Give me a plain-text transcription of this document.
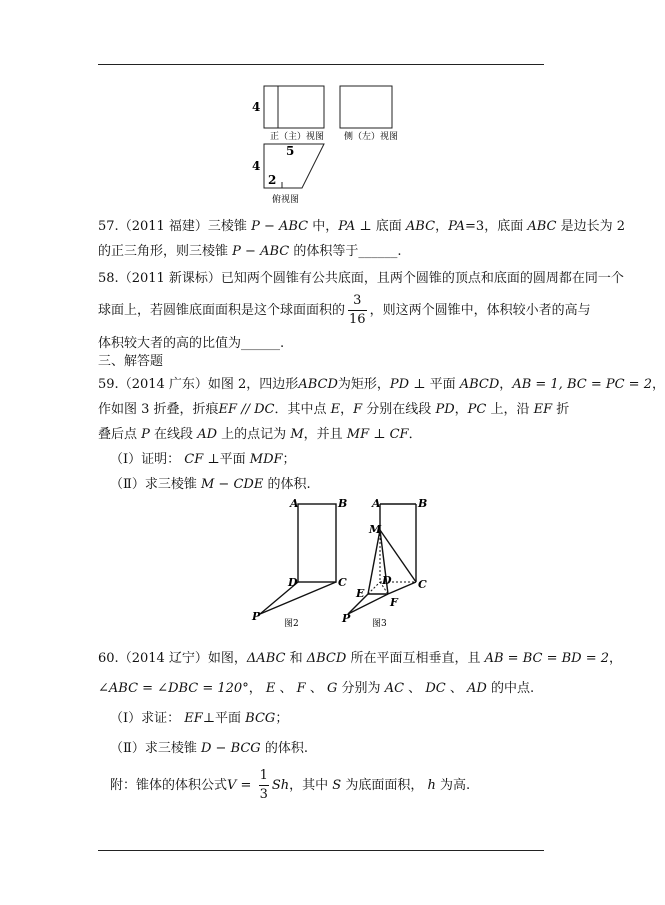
4
正（主）视图 侧（左）视图
5
4
2
俯视图
57.（2011 福建）三棱锥 P − ABC 中，PA ⊥ 底面 ABC，PA=3，底面 ABC 是边长为 2
的正三角形，则三棱锥 P − ABC 的体积等于______.
58.（2011 新课标）已知两个圆锥有公共底面，且两个圆锥的顶点和底面的圆周都在同一个
球面上，若圆锥底面面积是这个球面面积的 $\frac{3}{16}$ ，则这两个圆锥中，体积较小者的高与
体积较大者的高的比值为______.
三、解答题
59.（2014 广东）如图 2，四边形ABCD为矩形，PD ⊥ 平面 ABCD，AB = 1, BC = PC = 2，
作如图 3 折叠，折痕EF // DC．其中点 E，F 分别在线段 PD，PC 上，沿 EF 折
叠后点 P 在线段 AD 上的点记为 M，并且 MF ⊥ CF．
（Ⅰ）证明： CF ⊥平面 MDF；
（Ⅱ）求三棱锥 M − CDE 的体积.
A	B
D	C
P
图2
A	B
M
D C
E
F
P 图3
60.（2014 辽宁）如图，ΔABC 和 ΔBCD 所在平面互相垂直，且 AB = BC = BD = 2，
∠ABC = ∠DBC = 120°， E 、 F 、 G 分别为 AC 、 DC 、 AD 的中点.
（Ⅰ）求证： EF⊥平面 BCG；
（Ⅱ）求三棱锥 D − BCG 的体积.
附：锥体的体积公式$V = \frac{1}{3}$ Sh，其中 S 为底面面积， h 为高.
